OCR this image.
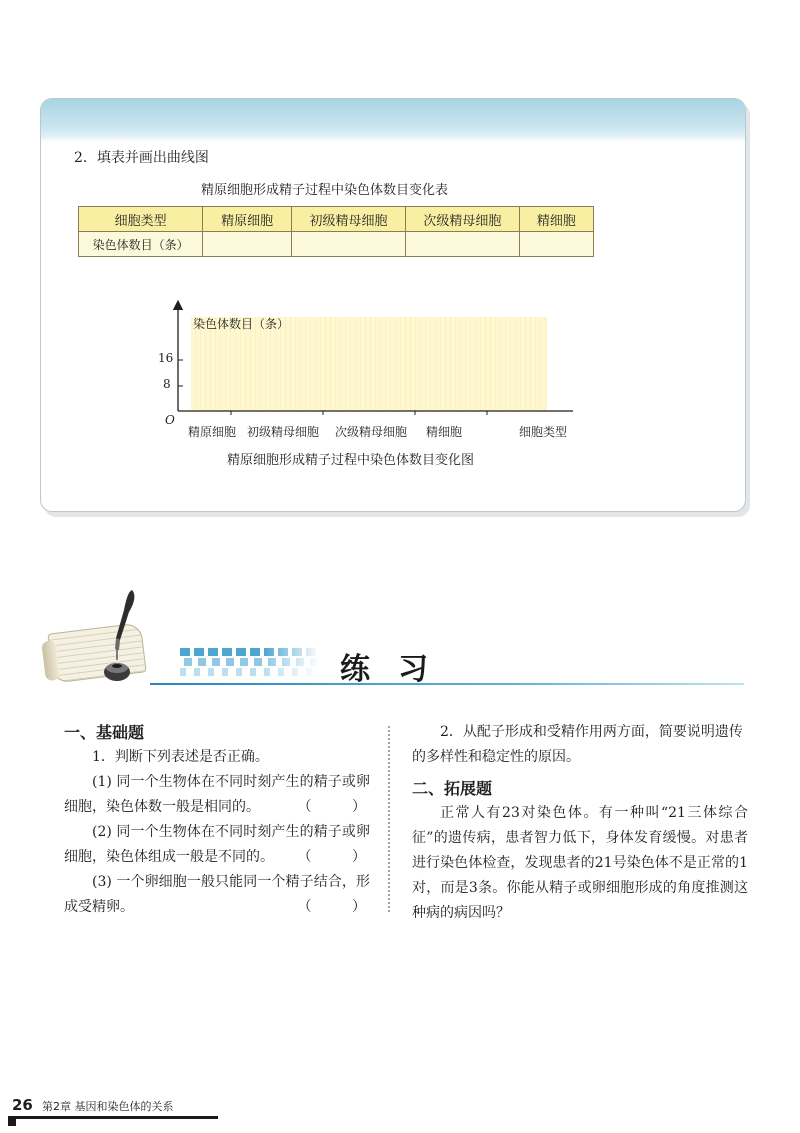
2．填表并画出曲线图
精原细胞形成精子过程中染色体数目变化表
细胞类型	精原细胞	初级精母细胞	次级精母细胞	精细胞
染色体数目（条）				
染色体数目（条）
16
8
O
精原细胞 初级精母细胞 次级精母细胞 精细胞	细胞类型
精原细胞形成精子过程中染色体数目变化图
练习
一、基础题

1．判断下列表述是否正确。

(1) 同一个生物体在不同时刻产生的精子或卵细胞，染色体数一般是相同的。	（ ）

(2) 同一个生物体在不同时刻产生的精子或卵细胞，染色体组成一般是不同的。 （ ）

(3) 一个卵细胞一般只能同一个精子结合，形成受精卵。	（ ）

2．从配子形成和受精作用两方面，简要说明遗传的多样性和稳定性的原因。

二、拓展题

正常人有23对染色体。有一种叫“21三体综合征”的遗传病，患者智力低下，身体发育缓慢。对患者进行染色体检查，发现患者的21号染色体不是正常的1对，而是3条。你能从精子或卵细胞形成的角度推测这种病的病因吗？

26 第2章 基因和染色体的关系
